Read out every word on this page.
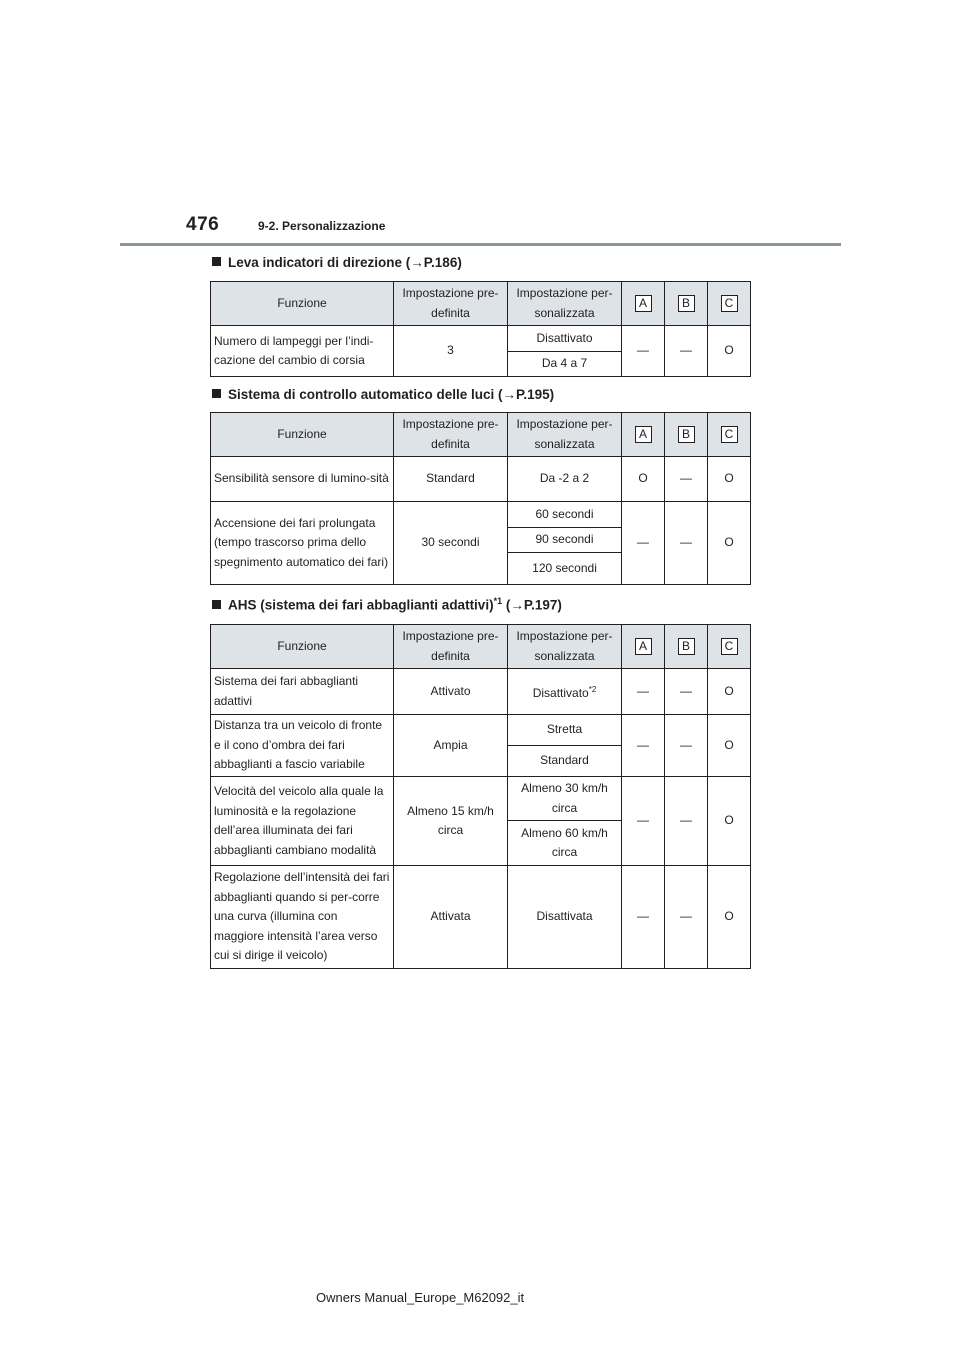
476	9-2. Personalizzazione
Leva indicatori di direzione (→P.186)
Funzione	Impostazione pre-definita	Impostazione per-sonalizzata	A	B	C
Numero di lampeggi per l’indi-cazione del cambio di corsia	3	Disattivato	—	—	O
		Da 4 a 7			
Sistema di controllo automatico delle luci (→P.195)
Funzione	Impostazione pre-definita	Impostazione per-sonalizzata	A	B	C
Sensibilità sensore di lumino-sità	Standard	Da -2 a 2	O	—	O
Accensione dei fari prolungata (tempo trascorso prima dello spegnimento automatico dei fari)	30 secondi	60 secondi	—	—	O
		90 secondi			
		120 secondi			
AHS (sistema dei fari abbaglianti adattivi)$^{*1}$ (→P.197)
Funzione	Impostazione pre-definita	Impostazione per-sonalizzata	A	B	C
Sistema dei fari abbaglianti adattivi	Attivato	Disattivato$^{*2}$	—	—	O
Distanza tra un veicolo di fronte e il cono d’ombra dei fari abbaglianti a fascio variabile	Ampia	Stretta	—	—	O
		Standard			
Velocità del veicolo alla quale la luminosità e la regolazione dell’area illuminata dei fari abbaglianti cambiano modalità	Almeno 15 km/h circa	Almeno 30 km/h circa	—	—	O
		Almeno 60 km/h circa			
Regolazione dell’intensità dei fari abbaglianti quando si per-corre una curva (illumina con maggiore intensità l’area verso cui si dirige il veicolo)	Attivata	Disattivata	—	—	O
Owners Manual_Europe_M62092_it
